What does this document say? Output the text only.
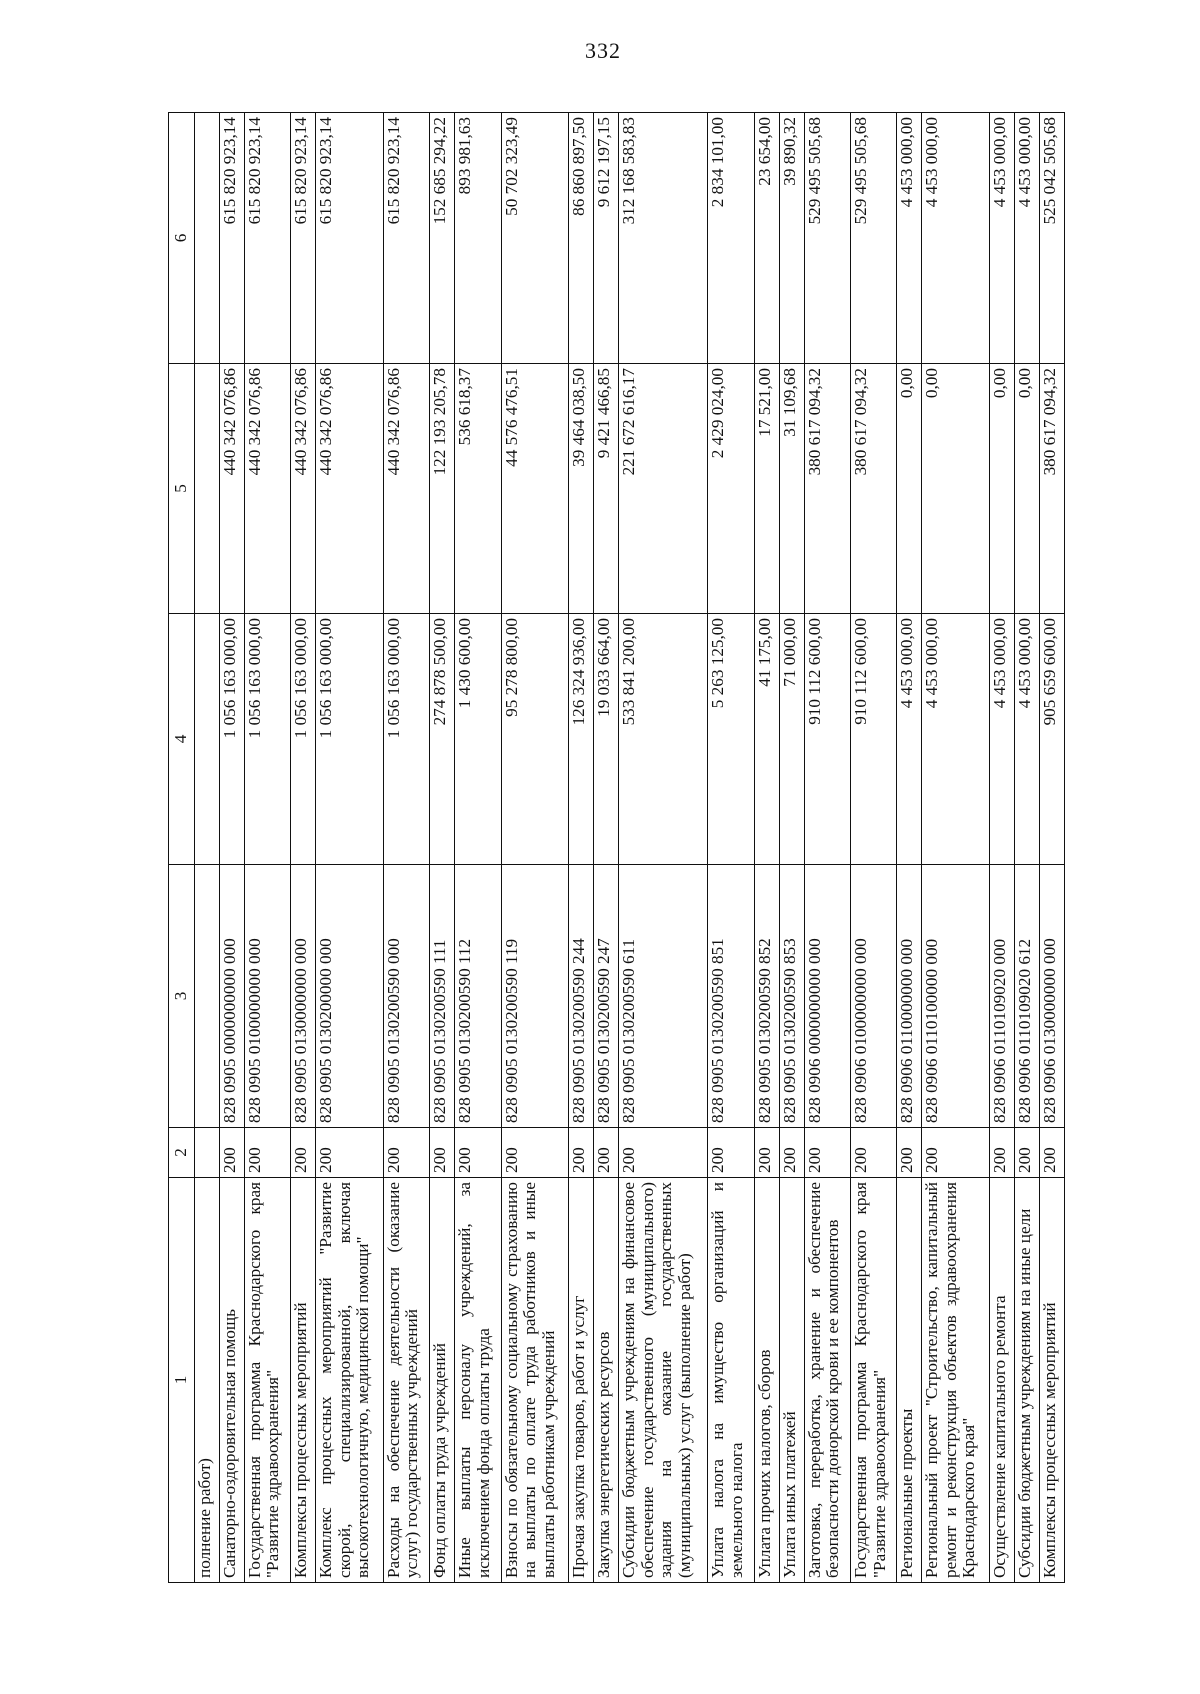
332
1	2	3	4	5	6
полнение работ)					
Санаторно-оздоровительная помощь	200	828 0905 0000000000 000	1 056 163 000,00	440 342 076,86	615 820 923,14
Государственная программа Краснодарского края "Развитие здравоохранения"	200	828 0905 0100000000 000	1 056 163 000,00	440 342 076,86	615 820 923,14
Комплексы процессных мероприятий	200	828 0905 0130000000 000	1 056 163 000,00	440 342 076,86	615 820 923,14
Комплекс процессных мероприятий "Развитие скорой, специализированной, включая высокотехнологичную, медицинской помощи"	200	828 0905 0130200000 000	1 056 163 000,00	440 342 076,86	615 820 923,14
Расходы на обеспечение деятельности (оказание услуг) государственных учреждений	200	828 0905 0130200590 000	1 056 163 000,00	440 342 076,86	615 820 923,14
Фонд оплаты труда учреждений	200	828 0905 0130200590 111	274 878 500,00	122 193 205,78	152 685 294,22
Иные выплаты персоналу учреждений, за исключением фонда оплаты труда	200	828 0905 0130200590 112	1 430 600,00	536 618,37	893 981,63
Взносы по обязательному социальному страхованию на выплаты по оплате труда работников и иные выплаты работникам учреждений	200	828 0905 0130200590 119	95 278 800,00	44 576 476,51	50 702 323,49
Прочая закупка товаров, работ и услуг	200	828 0905 0130200590 244	126 324 936,00	39 464 038,50	86 860 897,50
Закупка энергетических ресурсов	200	828 0905 0130200590 247	19 033 664,00	9 421 466,85	9 612 197,15
Субсидии бюджетным учреждениям на финансовое обеспечение государственного (муниципального) задания на оказание государственных (муниципальных) услуг (выполнение работ)	200	828 0905 0130200590 611	533 841 200,00	221 672 616,17	312 168 583,83
Уплата налога на имущество организаций и земельного налога	200	828 0905 0130200590 851	5 263 125,00	2 429 024,00	2 834 101,00
Уплата прочих налогов, сборов	200	828 0905 0130200590 852	41 175,00	17 521,00	23 654,00
Уплата иных платежей	200	828 0905 0130200590 853	71 000,00	31 109,68	39 890,32
Заготовка, переработка, хранение и обеспечение безопасности донорской крови и ее компонентов	200	828 0906 0000000000 000	910 112 600,00	380 617 094,32	529 495 505,68
Государственная программа Краснодарского края "Развитие здравоохранения"	200	828 0906 0100000000 000	910 112 600,00	380 617 094,32	529 495 505,68
Региональные проекты	200	828 0906 0110000000 000	4 453 000,00	0,00	4 453 000,00
Региональный проект "Строительство, капитальный ремонт и реконструкция объектов здравоохранения Краснодарского края"	200	828 0906 0110100000 000	4 453 000,00	0,00	4 453 000,00
Осуществление капитального ремонта	200	828 0906 0110109020 000	4 453 000,00	0,00	4 453 000,00
Субсидии бюджетным учреждениям на иные цели	200	828 0906 0110109020 612	4 453 000,00	0,00	4 453 000,00
Комплексы процессных мероприятий	200	828 0906 0130000000 000	905 659 600,00	380 617 094,32	525 042 505,68
